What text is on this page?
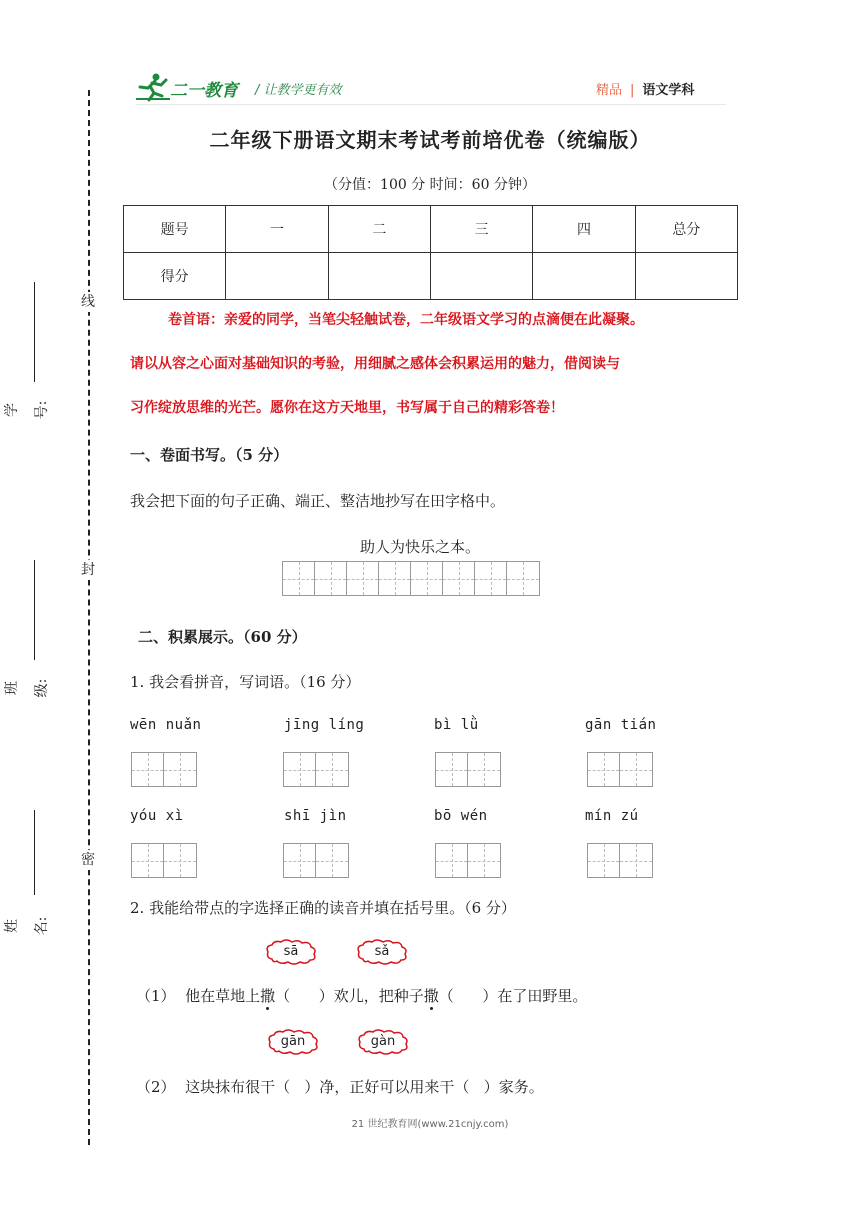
线
封
密
学号:
班级:
姓名:
二一教育 / 让教学更有效	精品 | 语文学科
二年级下册语文期末考试考前培优卷（统编版）
（分值：100 分 时间：60 分钟）
题号	一	二	三	四	总分
得分					

卷首语：亲爱的同学，当笔尖轻触试卷，二年级语文学习的点滴便在此凝聚。

请以从容之心面对基础知识的考验，用细腻之感体会积累运用的魅力，借阅读与

习作绽放思维的光芒。愿你在这方天地里，书写属于自己的精彩答卷！

一、卷面书写。（5 分）
我会把下面的句子正确、端正、整洁地抄写在田字格中。
助人为快乐之本。
二、积累展示。（60 分）
1. 我会看拼音，写词语。（16 分）
wēn nuǎn	jīng líng	bì lǜ	gān tián
yóu xì	shī jìn	bō wén	mín zú
2. 我能给带点的字选择正确的读音并填在括号里。（6 分）
sā	sǎ
（1） 他在草地上撒（      ）欢儿，把种子撒（      ）在了田野里。
gān	gàn
（2） 这块抹布很干（   ）净，正好可以用来干（   ）家务。
21 世纪教育网(www.21cnjy.com)
